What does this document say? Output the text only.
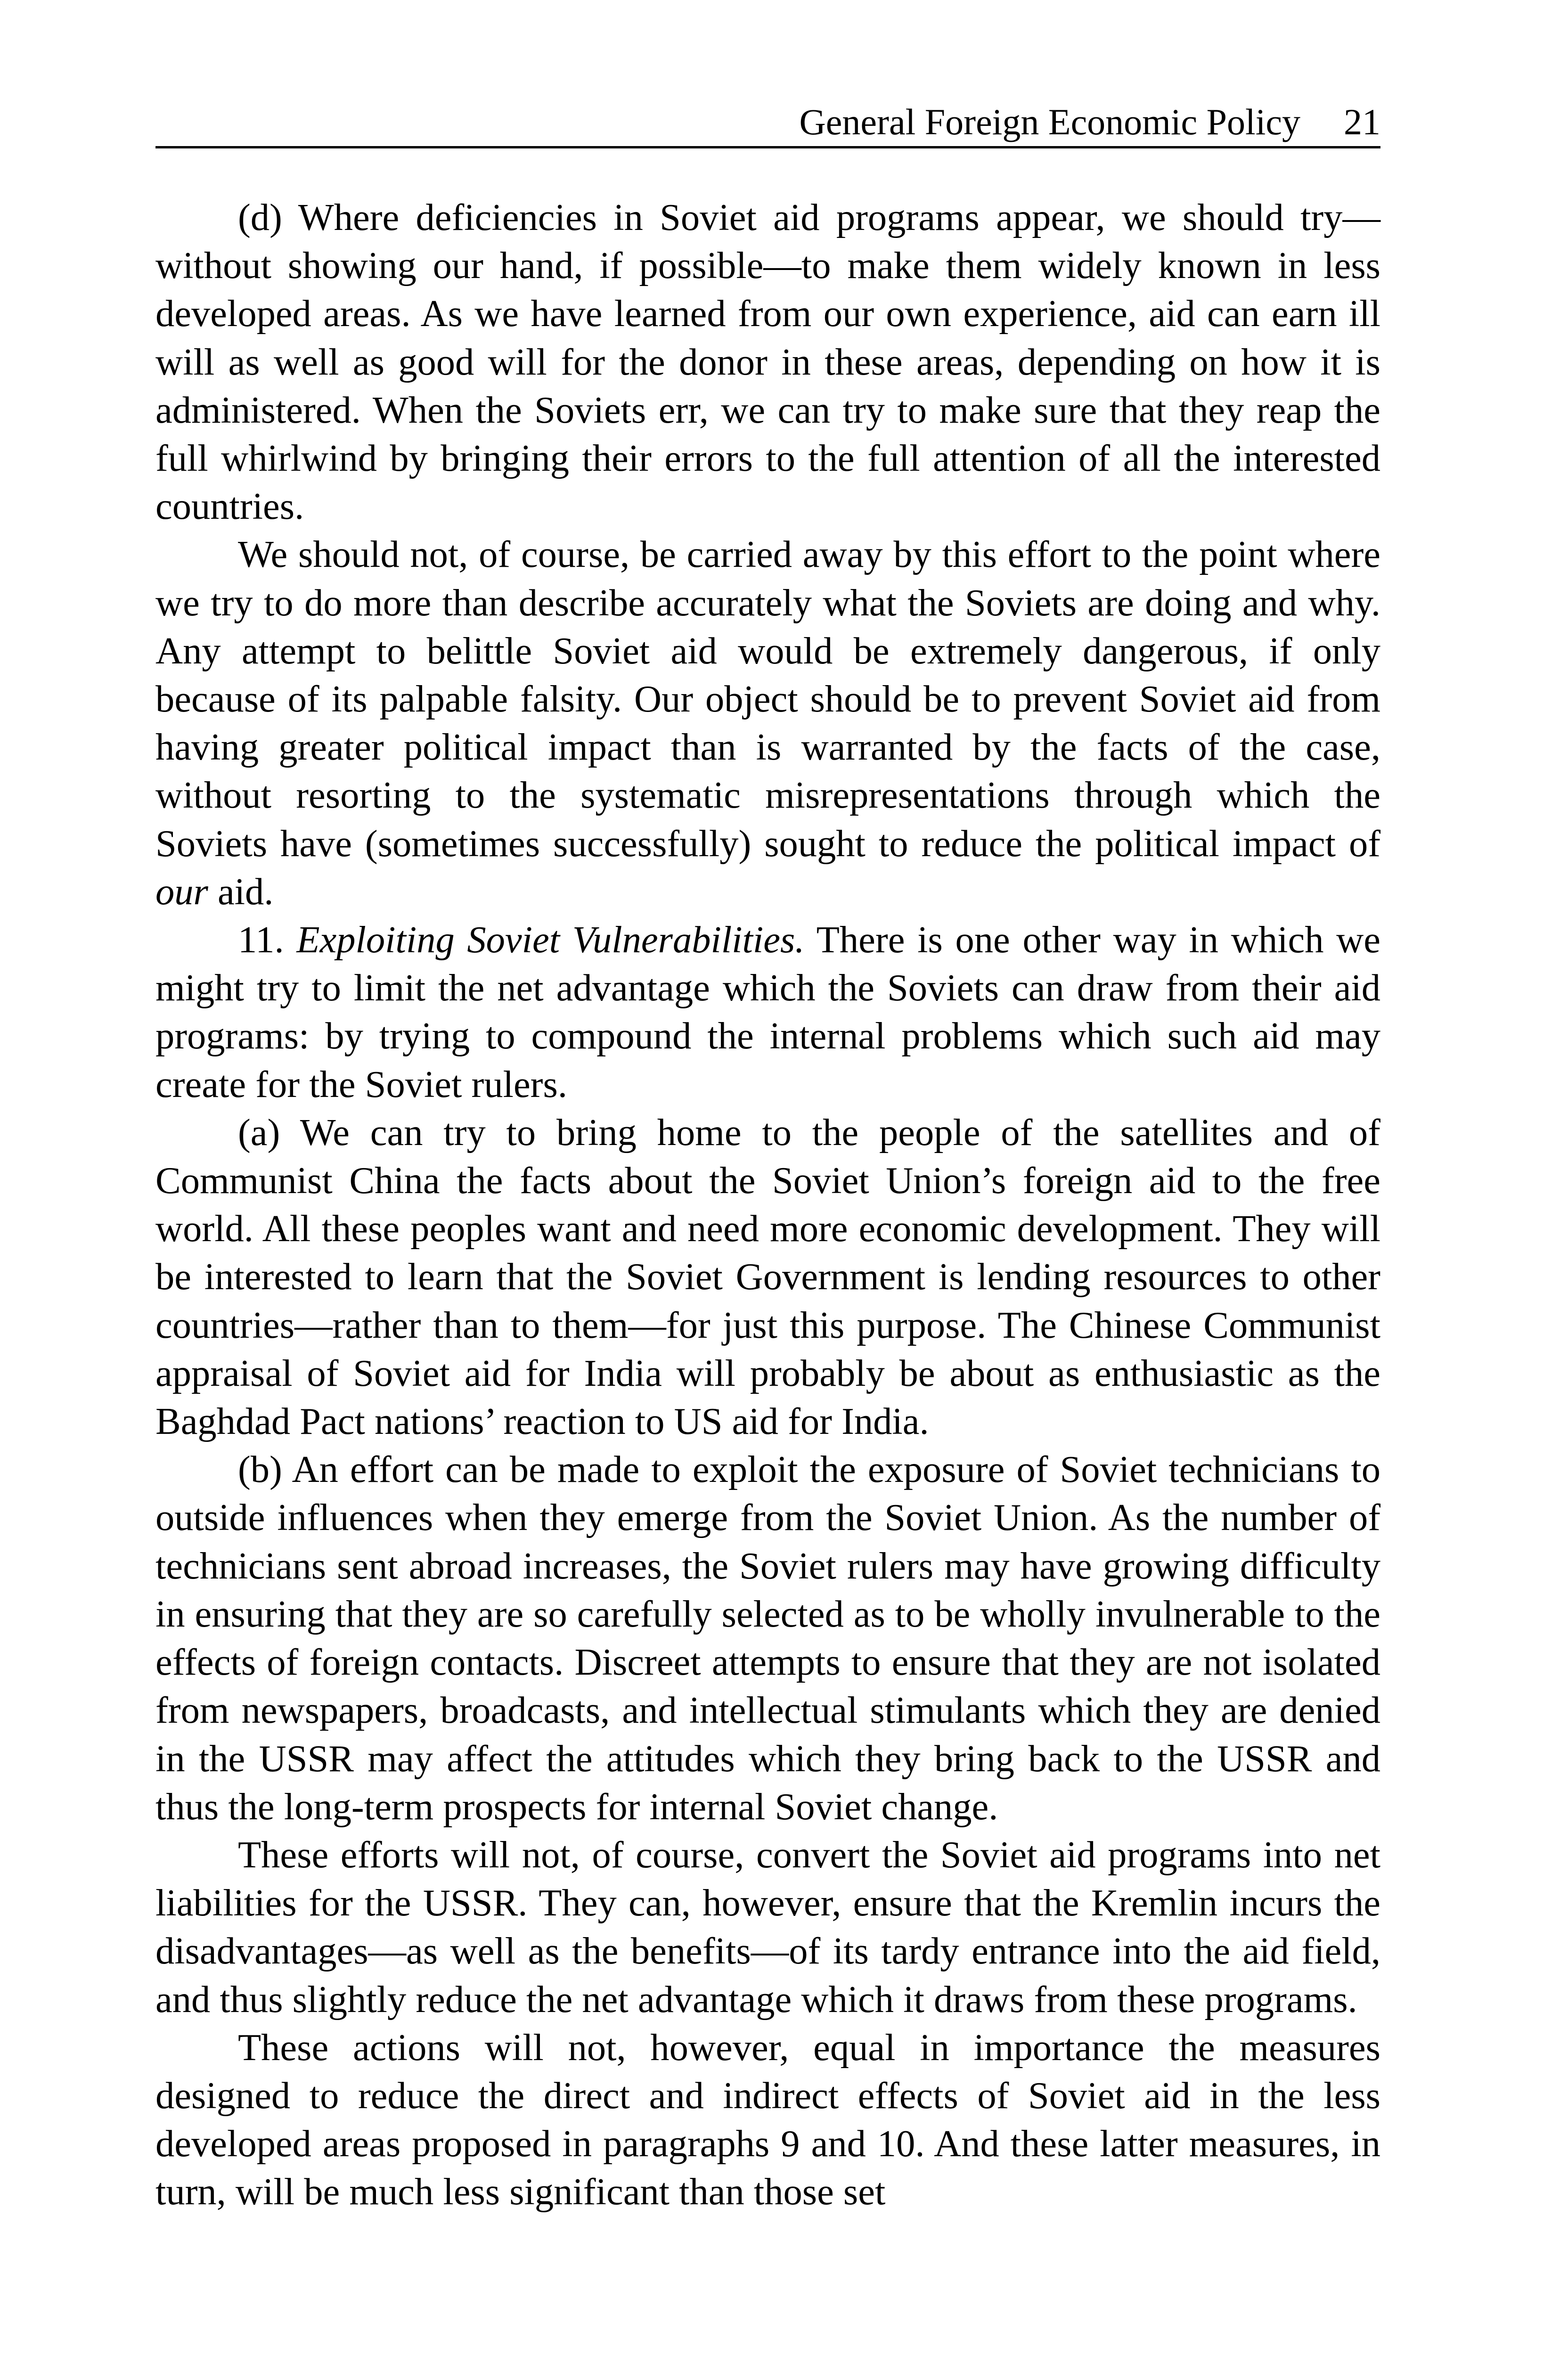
General Foreign Economic Policy 21

(d) Where deficiencies in Soviet aid programs appear, we should try—without showing our hand, if possible—to make them widely known in less developed areas. As we have learned from our own experience, aid can earn ill will as well as good will for the donor in these areas, depending on how it is administered. When the Soviets err, we can try to make sure that they reap the full whirlwind by bringing their errors to the full attention of all the interested countries.

We should not, of course, be carried away by this effort to the point where we try to do more than describe accurately what the Soviets are doing and why. Any attempt to belittle Soviet aid would be extremely dangerous, if only because of its palpable falsity. Our object should be to prevent Soviet aid from having greater political impact than is warranted by the facts of the case, without resorting to the systematic misrepresentations through which the Soviets have (sometimes successfully) sought to reduce the political impact of our aid.

11. Exploiting Soviet Vulnerabilities. There is one other way in which we might try to limit the net advantage which the Soviets can draw from their aid programs: by trying to compound the internal problems which such aid may create for the Soviet rulers.

(a) We can try to bring home to the people of the satellites and of Communist China the facts about the Soviet Union’s foreign aid to the free world. All these peoples want and need more economic development. They will be interested to learn that the Soviet Government is lending resources to other countries—rather than to them—for just this purpose. The Chinese Communist appraisal of Soviet aid for India will probably be about as enthusiastic as the Baghdad Pact nations’ reaction to US aid for India.

(b) An effort can be made to exploit the exposure of Soviet technicians to outside influences when they emerge from the Soviet Union. As the number of technicians sent abroad increases, the Soviet rulers may have growing difficulty in ensuring that they are so carefully selected as to be wholly invulnerable to the effects of foreign contacts. Discreet attempts to ensure that they are not isolated from newspapers, broadcasts, and intellectual stimulants which they are denied in the USSR may affect the attitudes which they bring back to the USSR and thus the long-term prospects for internal Soviet change.

These efforts will not, of course, convert the Soviet aid programs into net liabilities for the USSR. They can, however, ensure that the Kremlin incurs the disadvantages—as well as the benefits—of its tardy entrance into the aid field, and thus slightly reduce the net advantage which it draws from these programs.

These actions will not, however, equal in importance the measures designed to reduce the direct and indirect effects of Soviet aid in the less developed areas proposed in paragraphs 9 and 10. And these latter measures, in turn, will be much less significant than those set
